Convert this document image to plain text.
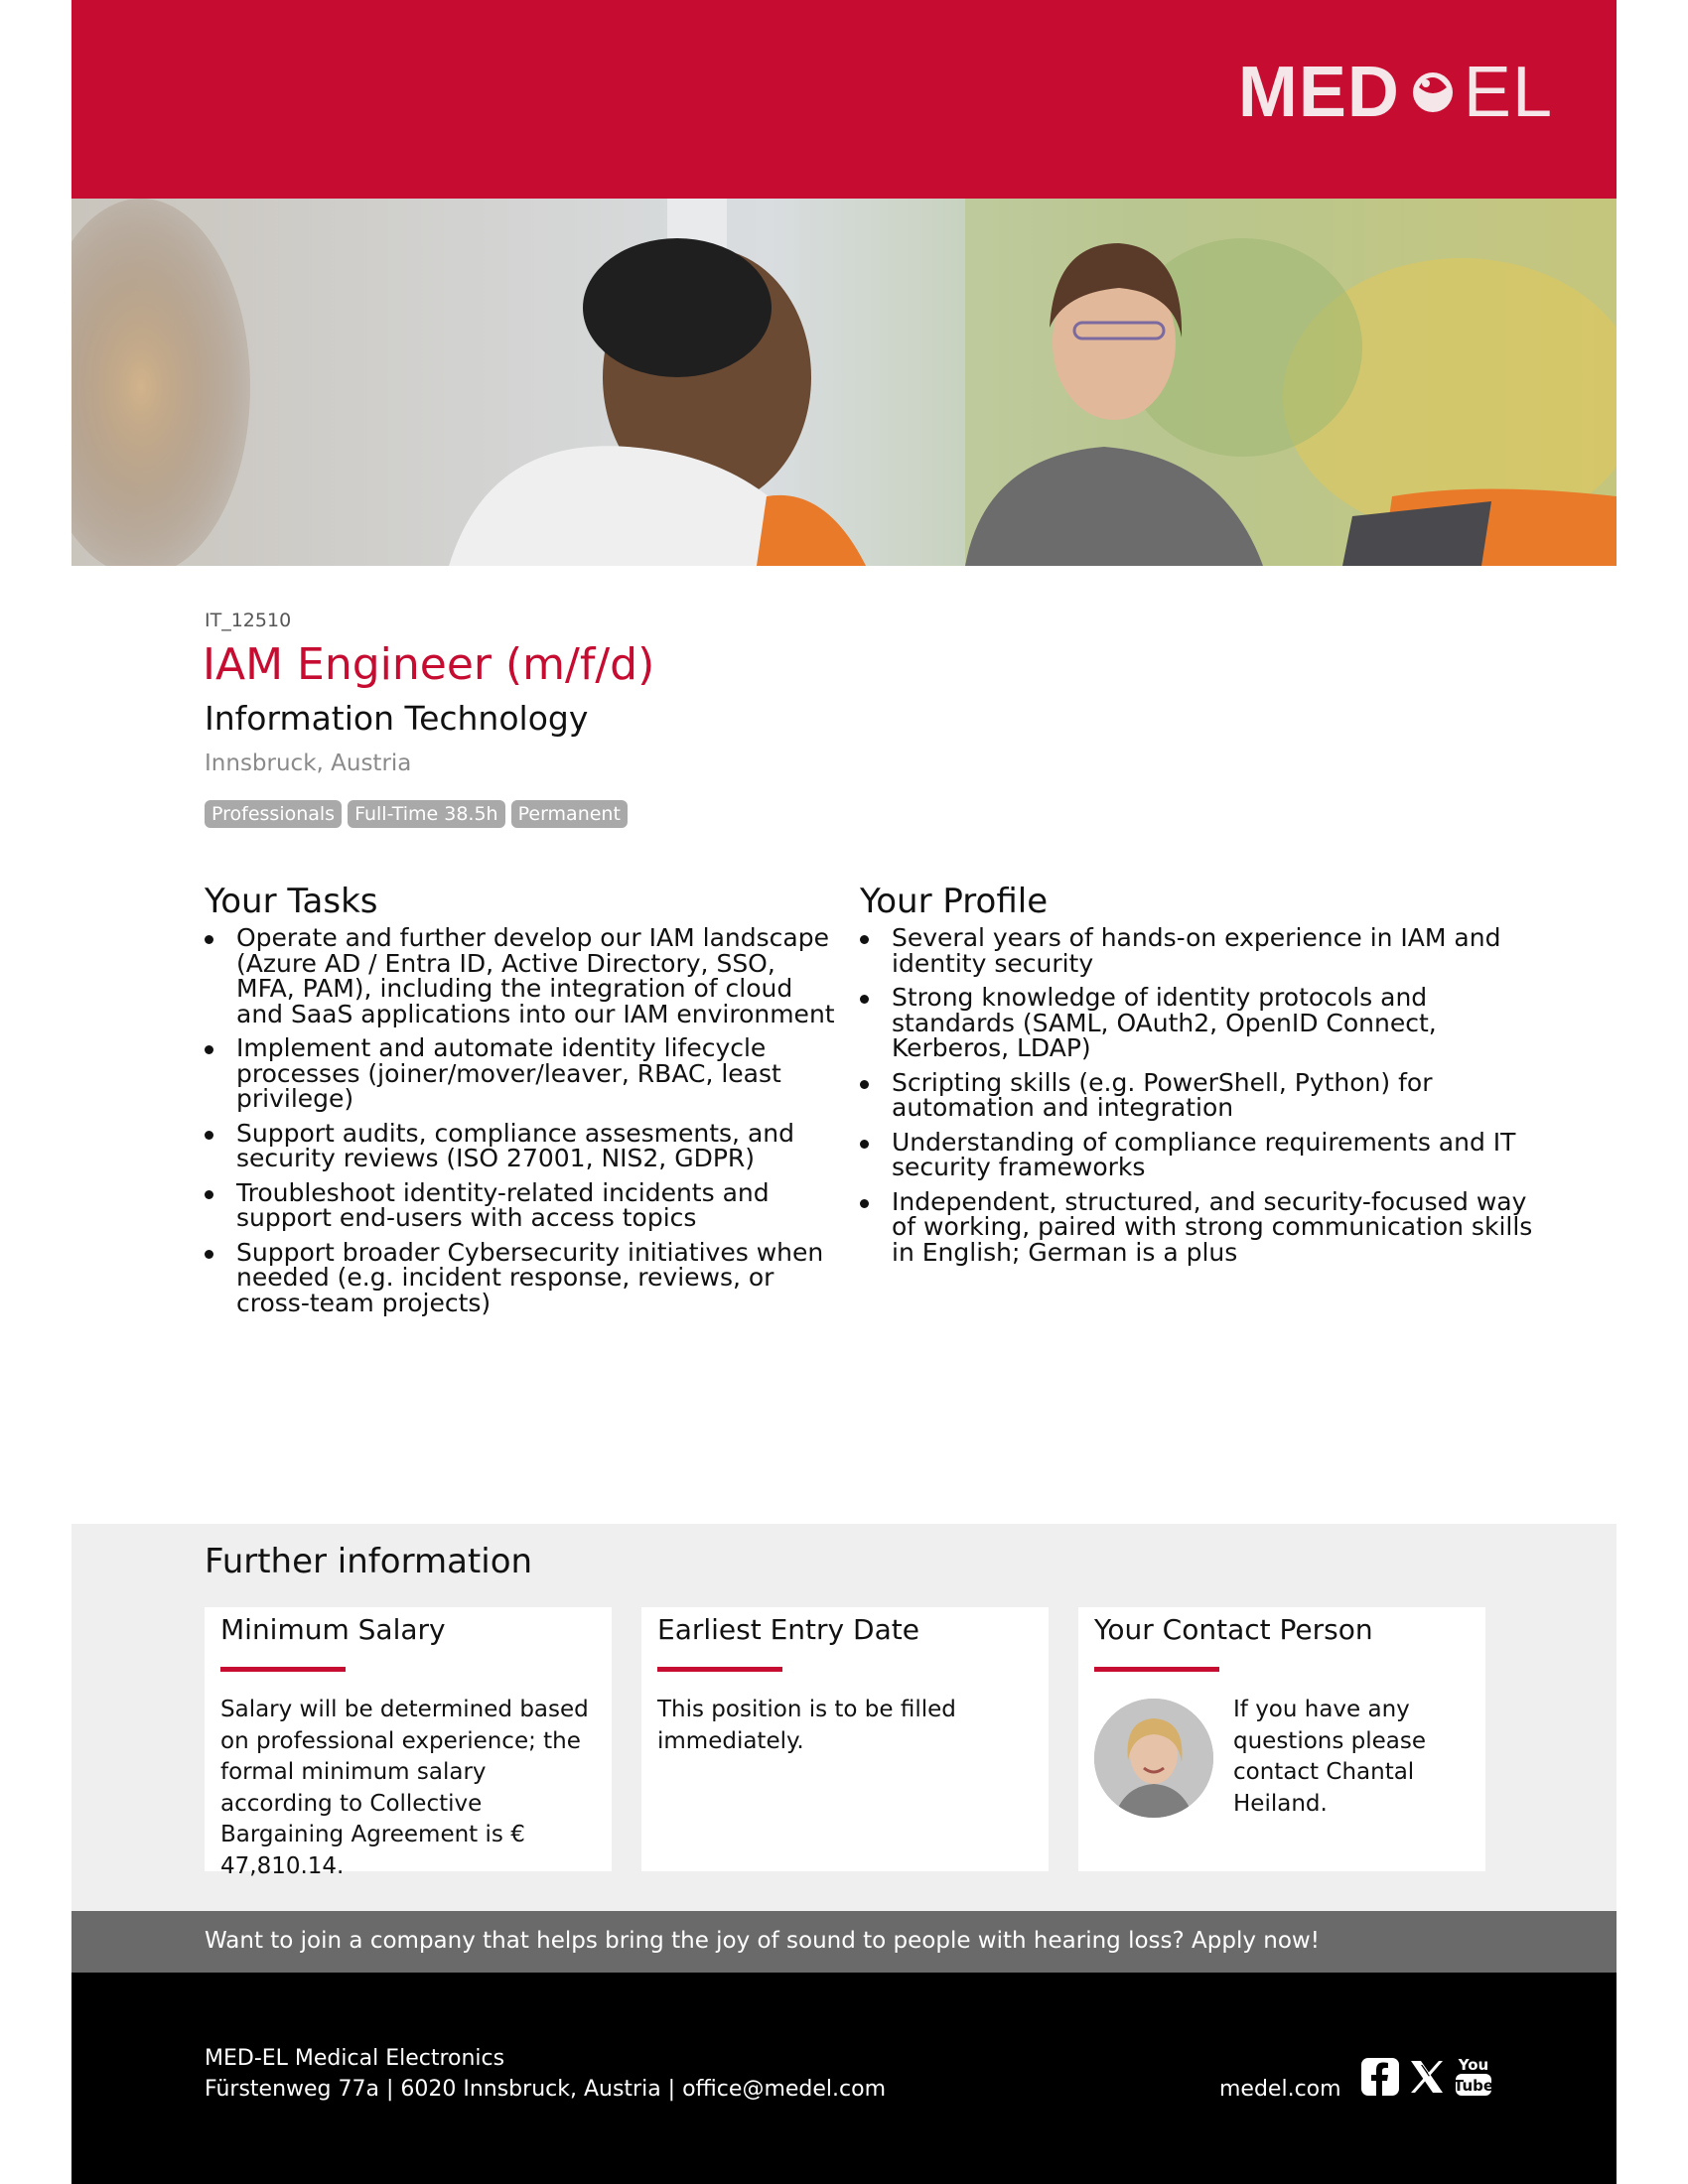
MED EL
IT_12510
IAM Engineer (m/f/d)
Information Technology
Innsbruck, Austria
Professionals	Full-Time 38.5h	Permanent
Your Tasks
Operate and further develop our IAM landscape (Azure AD / Entra ID, Active Directory, SSO, MFA, PAM), including the integration of cloud and SaaS applications into our IAM environment
Implement and automate identity lifecycle processes (joiner/mover/leaver, RBAC, least privilege)
Support audits, compliance assesments, and security reviews (ISO 27001, NIS2, GDPR)
Troubleshoot identity-related incidents and support end-users with access topics
Support broader Cybersecurity initiatives when needed (e.g. incident response, reviews, or cross-team projects)
Your Profile
Several years of hands-on experience in IAM and identity security
Strong knowledge of identity protocols and standards (SAML, OAuth2, OpenID Connect, Kerberos, LDAP)
Scripting skills (e.g. PowerShell, Python) for automation and integration
Understanding of compliance requirements and IT security frameworks
Independent, structured, and security-focused way of working, paired with strong communication skills in English; German is a plus
Further information
Minimum Salary

Salary will be determined based on professional experience; the formal minimum salary according to Collective Bargaining Agreement is € 47,810.14.

Earliest Entry Date

This position is to be filled immediately.

Your Contact Person

If you have any questions please contact Chantal Heiland.

Want to join a company that helps bring the joy of sound to people with hearing loss? Apply now!
MED-EL Medical Electronics
Fürstenweg 77a | 6020 Innsbruck, Austria | office@medel.com	medel.com
You
Tube
